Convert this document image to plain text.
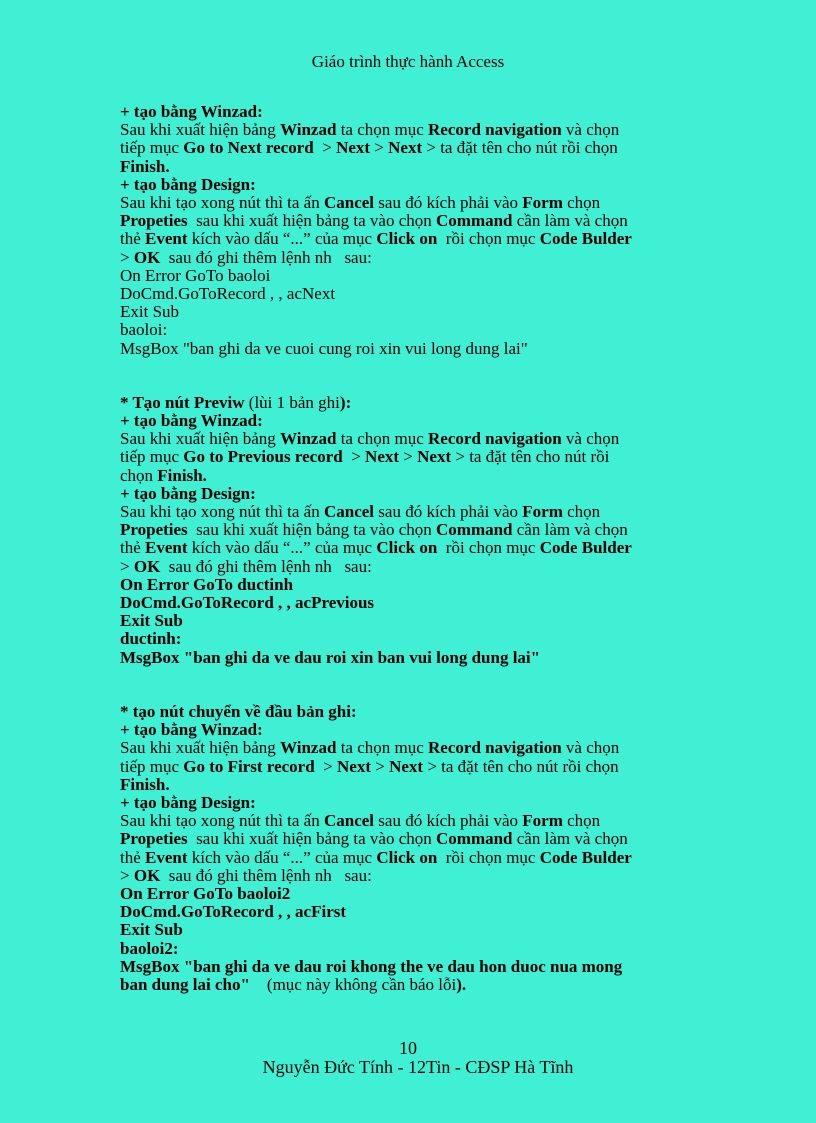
Giáo trình thực hành Access
+ tạo bằng Winzad:
Sau khi xuất hiện bảng Winzad ta chọn mục Record navigation và chọn
tiếp mục Go to Next record  > Next > Next > ta đặt tên cho nút rồi chọn
Finish.
+ tạo bằng Design:
Sau khi tạo xong nút thì ta ấn Cancel sau đó kích phải vào Form chọn
Propeties  sau khi xuất hiện bảng ta vào chọn Command cần làm và chọn
thẻ Event kích vào dấu “...” của mục Click on  rồi chọn mục Code Bulder
> OK  sau đó ghi thêm lệnh nh   sau:
On Error GoTo baoloi
DoCmd.GoToRecord , , acNext
Exit Sub
baoloi:
MsgBox "ban ghi da ve cuoi cung roi xin vui long dung lai"
* Tạo nút Previw (lùi 1 bản ghi):
+ tạo bằng Winzad:
Sau khi xuất hiện bảng Winzad ta chọn mục Record navigation và chọn
tiếp mục Go to Previous record  > Next > Next > ta đặt tên cho nút rồi
chọn Finish.
+ tạo bằng Design:
Sau khi tạo xong nút thì ta ấn Cancel sau đó kích phải vào Form chọn
Propeties  sau khi xuất hiện bảng ta vào chọn Command cần làm và chọn
thẻ Event kích vào dấu “...” của mục Click on  rồi chọn mục Code Bulder
> OK  sau đó ghi thêm lệnh nh   sau:
On Error GoTo ductinh
DoCmd.GoToRecord , , acPrevious
Exit Sub
ductinh:
MsgBox "ban ghi da ve dau roi xin ban vui long dung lai"
* tạo nút chuyển về đầu bản ghi:
+ tạo bằng Winzad:
Sau khi xuất hiện bảng Winzad ta chọn mục Record navigation và chọn
tiếp mục Go to First record  > Next > Next > ta đặt tên cho nút rồi chọn
Finish.
+ tạo bằng Design:
Sau khi tạo xong nút thì ta ấn Cancel sau đó kích phải vào Form chọn
Propeties  sau khi xuất hiện bảng ta vào chọn Command cần làm và chọn
thẻ Event kích vào dấu “...” của mục Click on  rồi chọn mục Code Bulder
> OK  sau đó ghi thêm lệnh nh   sau:
On Error GoTo baoloi2
DoCmd.GoToRecord , , acFirst
Exit Sub
baoloi2:
MsgBox "ban ghi da ve dau roi khong the ve dau hon duoc nua mong
ban dung lai cho"    (mục này không cần báo lỗi).
10
Nguyễn Đức Tính - 12Tin - CĐSP Hà Tĩnh
